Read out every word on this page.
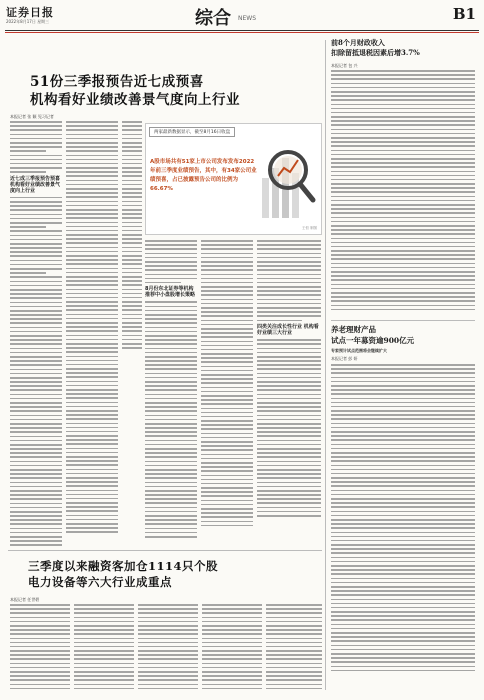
证券日报
2022年8月17日 星期三	综合 NEWS	B1
51份三季报预告近七成预喜
机构看好业绩改善景气度向上行业
本报记者 张 颖 见习记者
近七成三季报预告预喜 机构看好业绩改善景气度向上行业
两家最新数据显示，截至8月16日收盘
A股市场共有51家上市公司发布发布2022年前三季度业绩预告，其中，有34家公司业绩预喜，占已披露预告公司的比例为66.67%
王恒 制图
8月份东北证券等机构推荐中小盘股增长策略
四类关注成长性行业 机构看好业绩三大行业
三季度以来融资客加仓1114只个股
电力设备等六大行业成重点
本报记者 任世碧
前8个月财政收入
扣除留抵退税因素后增3.7%
本报记者 包 兴
养老理财产品
试点一年募资逾900亿元
专家预计试点范围将会继续扩大
本报记者 彭 妍
